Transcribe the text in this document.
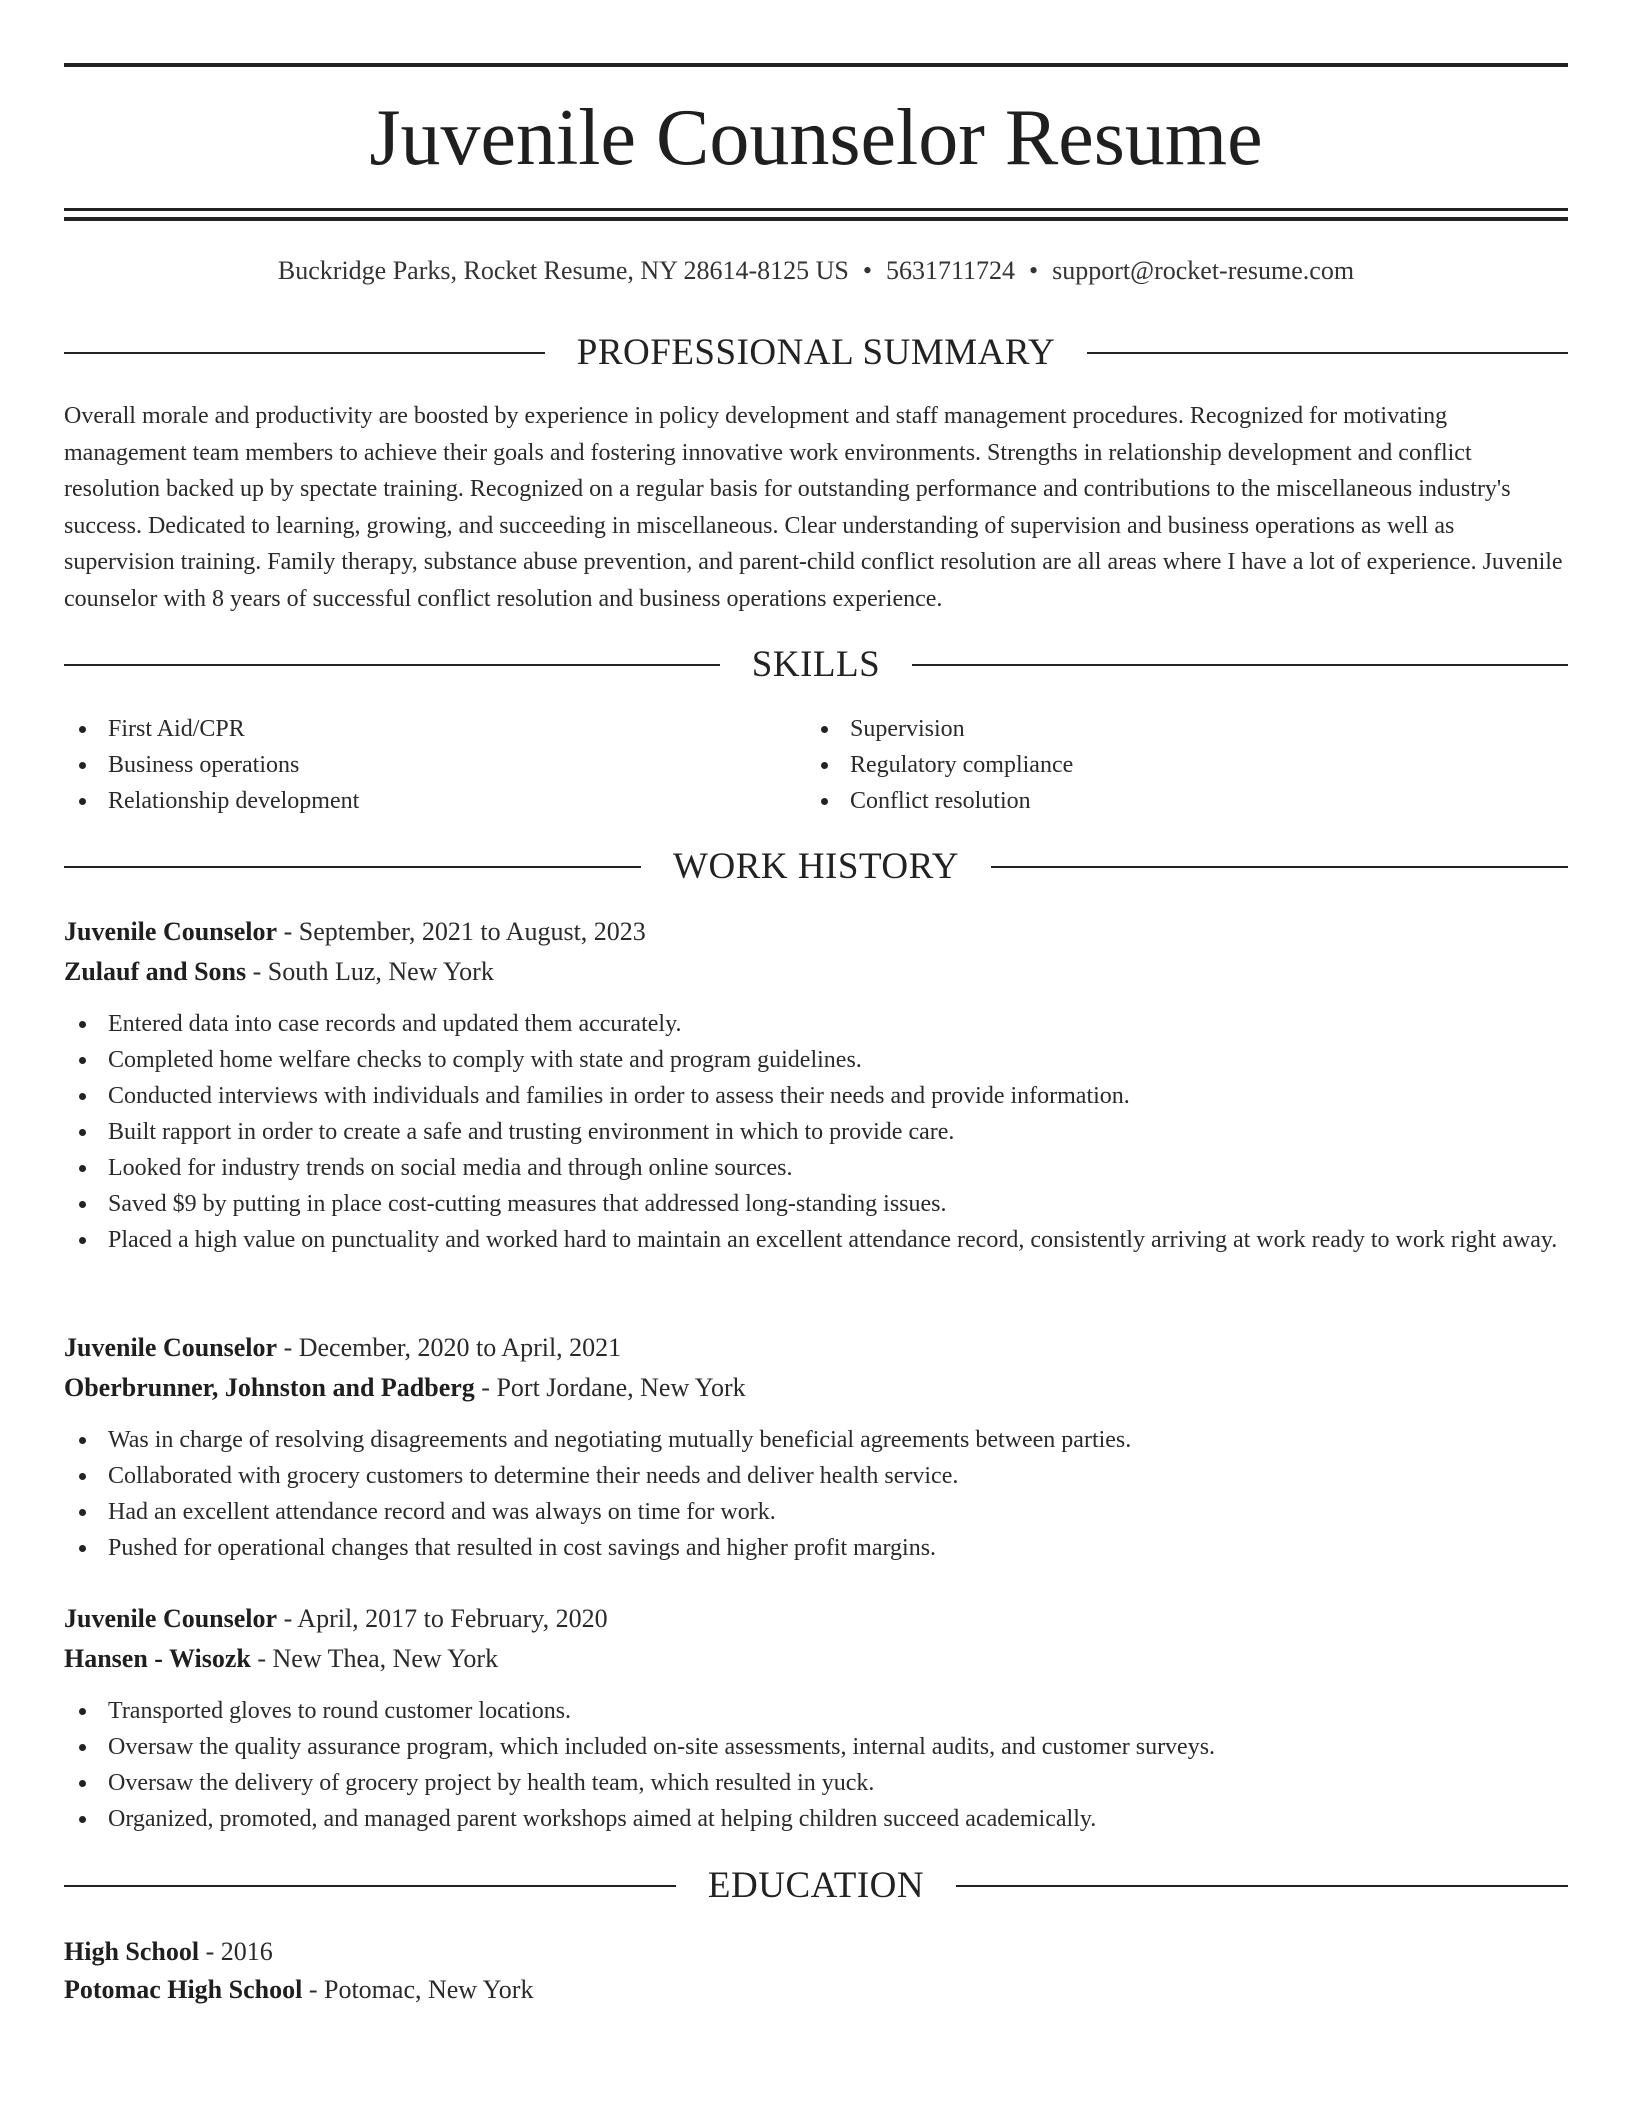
Juvenile Counselor Resume
Buckridge Parks, Rocket Resume, NY 28614-8125 US • 5631711724 • support@rocket-resume.com
PROFESSIONAL SUMMARY

Overall morale and productivity are boosted by experience in policy development and staff management procedures. Recognized for motivating management team members to achieve their goals and fostering innovative work environments. Strengths in relationship development and conflict resolution backed up by spectate training. Recognized on a regular basis for outstanding performance and contributions to the miscellaneous industry's success. Dedicated to learning, growing, and succeeding in miscellaneous. Clear understanding of supervision and business operations as well as supervision training. Family therapy, substance abuse prevention, and parent-child conflict resolution are all areas where I have a lot of experience. Juvenile counselor with 8 years of successful conflict resolution and business operations experience.

SKILLS
First Aid/CPR
Business operations
Relationship development
Supervision
Regulatory compliance
Conflict resolution
WORK HISTORY
Juvenile Counselor - September, 2021 to August, 2023
Zulauf and Sons - South Luz, New York
Entered data into case records and updated them accurately.
Completed home welfare checks to comply with state and program guidelines.
Conducted interviews with individuals and families in order to assess their needs and provide information.
Built rapport in order to create a safe and trusting environment in which to provide care.
Looked for industry trends on social media and through online sources.
Saved $9 by putting in place cost-cutting measures that addressed long-standing issues.
Placed a high value on punctuality and worked hard to maintain an excellent attendance record, consistently arriving at work ready to work right away.
Juvenile Counselor - December, 2020 to April, 2021
Oberbrunner, Johnston and Padberg - Port Jordane, New York
Was in charge of resolving disagreements and negotiating mutually beneficial agreements between parties.
Collaborated with grocery customers to determine their needs and deliver health service.
Had an excellent attendance record and was always on time for work.
Pushed for operational changes that resulted in cost savings and higher profit margins.
Juvenile Counselor - April, 2017 to February, 2020
Hansen - Wisozk - New Thea, New York
Transported gloves to round customer locations.
Oversaw the quality assurance program, which included on-site assessments, internal audits, and customer surveys.
Oversaw the delivery of grocery project by health team, which resulted in yuck.
Organized, promoted, and managed parent workshops aimed at helping children succeed academically.
EDUCATION
High School - 2016
Potomac High School - Potomac, New York
